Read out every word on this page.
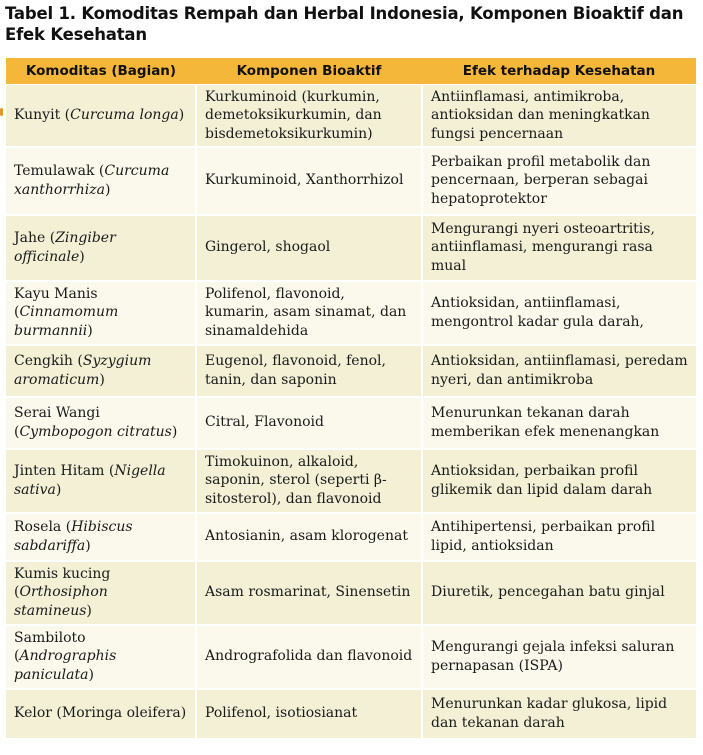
Tabel 1. Komoditas Rempah dan Herbal Indonesia, Komponen Bioaktif dan Efek Kesehatan
Komoditas (Bagian)	Komponen Bioaktif	Efek terhadap Kesehatan
Kunyit (Curcuma longa)	Kurkuminoid (kurkumin, demetoksikurkumin, dan bisdemetoksikurkumin)	Antiinflamasi, antimikroba, antioksidan dan meningkatkan fungsi pencernaan
Temulawak (Curcuma xanthorrhiza)	Kurkuminoid, Xanthorrhizol	Perbaikan profil metabolik dan pencernaan, berperan sebagai hepatoprotektor
Jahe (Zingiber officinale)	Gingerol, shogaol	Mengurangi nyeri osteoartritis, antiinflamasi, mengurangi rasa mual
Kayu Manis (Cinnamomum burmannii)	Polifenol, flavonoid, kumarin, asam sinamat, dan sinamaldehida	Antioksidan, antiinflamasi, mengontrol kadar gula darah,
Cengkih (Syzygium aromaticum)	Eugenol, flavonoid, fenol, tanin, dan saponin	Antioksidan, antiinflamasi, peredam nyeri, dan antimikroba
Serai Wangi (Cymbopogon citratus)	Citral, Flavonoid	Menurunkan tekanan darah memberikan efek menenangkan
Jinten Hitam (Nigella sativa)	Timokuinon, alkaloid, saponin, sterol (seperti β-sitosterol), dan flavonoid	Antioksidan, perbaikan profil glikemik dan lipid dalam darah
Rosela (Hibiscus sabdariffa)	Antosianin, asam klorogenat	Antihipertensi, perbaikan profil lipid, antioksidan
Kumis kucing (Orthosiphon stamineus)	Asam rosmarinat, Sinensetin	Diuretik, pencegahan batu ginjal
Sambiloto (Andrographis paniculata)	Andrografolida dan flavonoid	Mengurangi gejala infeksi saluran pernapasan (ISPA)
Kelor (Moringa oleifera)	Polifenol, isotiosianat	Menurunkan kadar glukosa, lipid dan tekanan darah
